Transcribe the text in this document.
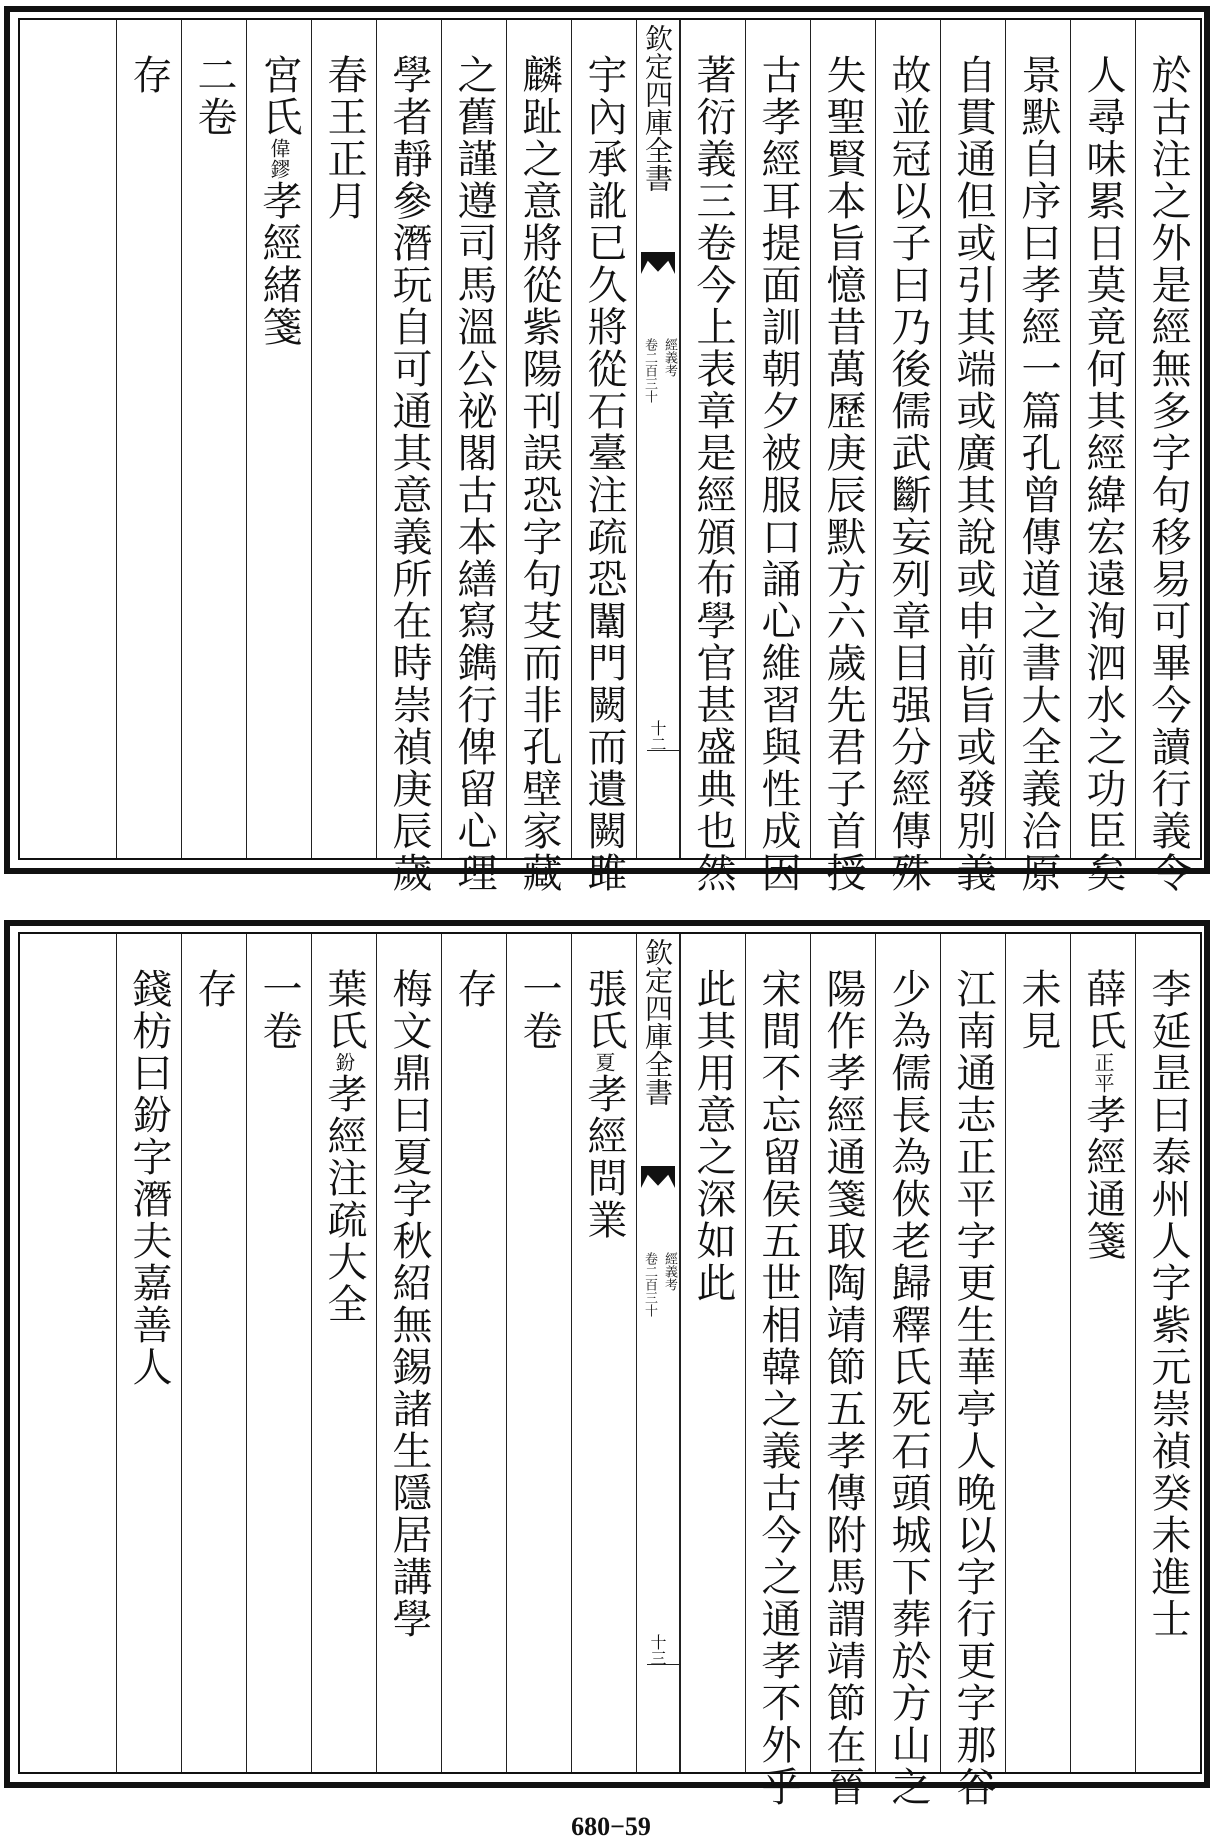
於古注之外是經無多字句移易可畢今讀行義令
人尋味累日莫竟何其經緯宏遠洵泗水之功臣矣
景默自序曰孝經一篇孔曾傳道之書大全義洽原
自貫通但或引其端或廣其說或申前旨或發別義
故並冠以子曰乃後儒武斷妄列章目强分經傳殊
失聖賢本旨憶昔萬歷庚辰默方六歲先君子首授
古孝經耳提面訓朝夕被服口誦心維習與性成因
著衍義三卷今上表章是經頒布學官甚盛典也然
欽定四庫全書
經義考
卷二百三十
十二
宇內承訛已久將從石臺注疏恐闈門闕而遺闕雎
麟趾之意將從紫陽刊誤恐字句芟而非孔壁家藏
之舊謹遵司馬溫公祕閣古本繕寫鐫行俾留心理
學者靜參潛玩自可通其意義所在時崇禎庚辰歲
春王正月
宮氏偉鏐孝經緒箋
二卷
存
李延昰曰泰州人字紫元崇禎癸未進士
薛氏正平孝經通箋
未見
江南通志正平字更生華亭人晚以字行更字那谷
少為儒長為俠老歸釋氏死石頭城下葬於方山之
陽作孝經通箋取陶靖節五孝傳附馬謂靖節在晉
宋間不忘留侯五世相韓之義古今之通孝不外乎
此其用意之深如此
欽定四庫全書
經義考
卷二百三十
十三
張氏夏孝經問業
一卷
存
梅文鼎曰夏字秋紹無錫諸生隱居講學
葉氏鈖孝經注疏大全
一卷
存
錢枋曰鈖字潛夫嘉善人
680−59
